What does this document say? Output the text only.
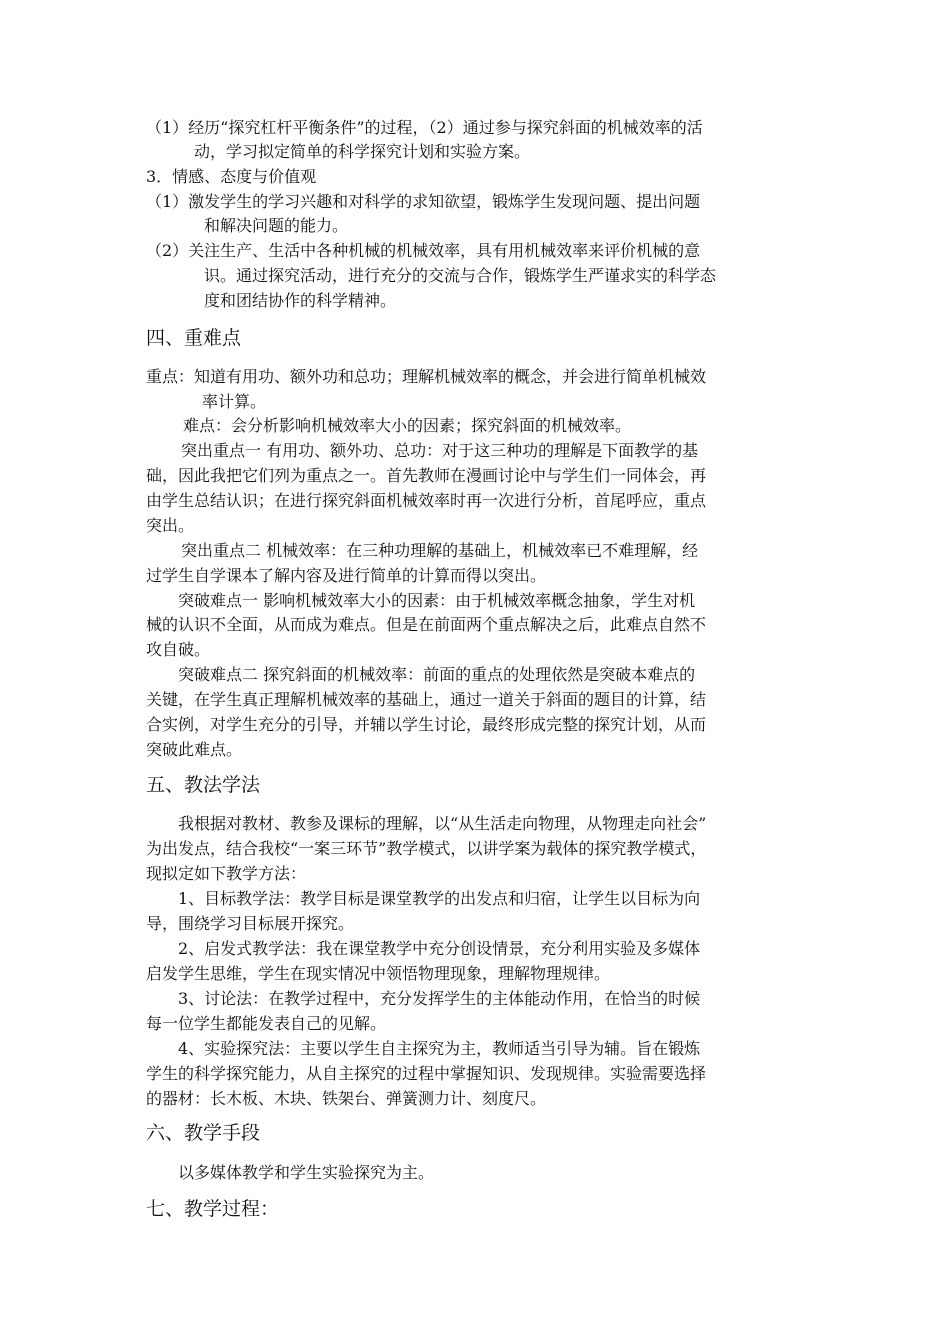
（1）经历“探究杠杆平衡条件”的过程，（2）通过参与探究斜面的机械效率的活
动，学习拟定简单的科学探究计划和实验方案。
3．情感、态度与价值观
（1）激发学生的学习兴趣和对科学的求知欲望，锻炼学生发现问题、提出问题
和解决问题的能力。
（2）关注生产、生活中各种机械的机械效率，具有用机械效率来评价机械的意
识。通过探究活动，进行充分的交流与合作，锻炼学生严谨求实的科学态
度和团结协作的科学精神。
四、重难点
重点：知道有用功、额外功和总功；理解机械效率的概念，并会进行简单机械效
率计算。
难点：会分析影响机械效率大小的因素；探究斜面的机械效率。
突出重点一 有用功、额外功、总功：对于这三种功的理解是下面教学的基
础，因此我把它们列为重点之一。首先教师在漫画讨论中与学生们一同体会，再
由学生总结认识；在进行探究斜面机械效率时再一次进行分析，首尾呼应，重点
突出。
突出重点二 机械效率：在三种功理解的基础上，机械效率已不难理解，经
过学生自学课本了解内容及进行简单的计算而得以突出。
突破难点一 影响机械效率大小的因素：由于机械效率概念抽象，学生对机
械的认识不全面，从而成为难点。但是在前面两个重点解决之后，此难点自然不
攻自破。
突破难点二 探究斜面的机械效率：前面的重点的处理依然是突破本难点的
关键，在学生真正理解机械效率的基础上，通过一道关于斜面的题目的计算，结
合实例，对学生充分的引导，并辅以学生讨论，最终形成完整的探究计划，从而
突破此难点。
五、教法学法
我根据对教材、教参及课标的理解，以“从生活走向物理，从物理走向社会”
为出发点，结合我校“一案三环节”教学模式，以讲学案为载体的探究教学模式，
现拟定如下教学方法：
1、目标教学法：教学目标是课堂教学的出发点和归宿，让学生以目标为向
导，围绕学习目标展开探究。
2、启发式教学法：我在课堂教学中充分创设情景，充分利用实验及多媒体
启发学生思维，学生在现实情况中领悟物理现象，理解物理规律。
3、讨论法：在教学过程中，充分发挥学生的主体能动作用，在恰当的时候
每一位学生都能发表自己的见解。
4、实验探究法：主要以学生自主探究为主，教师适当引导为辅。旨在锻炼
学生的科学探究能力，从自主探究的过程中掌握知识、发现规律。实验需要选择
的器材：长木板、木块、铁架台、弹簧测力计、刻度尺。
六、教学手段
以多媒体教学和学生实验探究为主。
七、教学过程：
